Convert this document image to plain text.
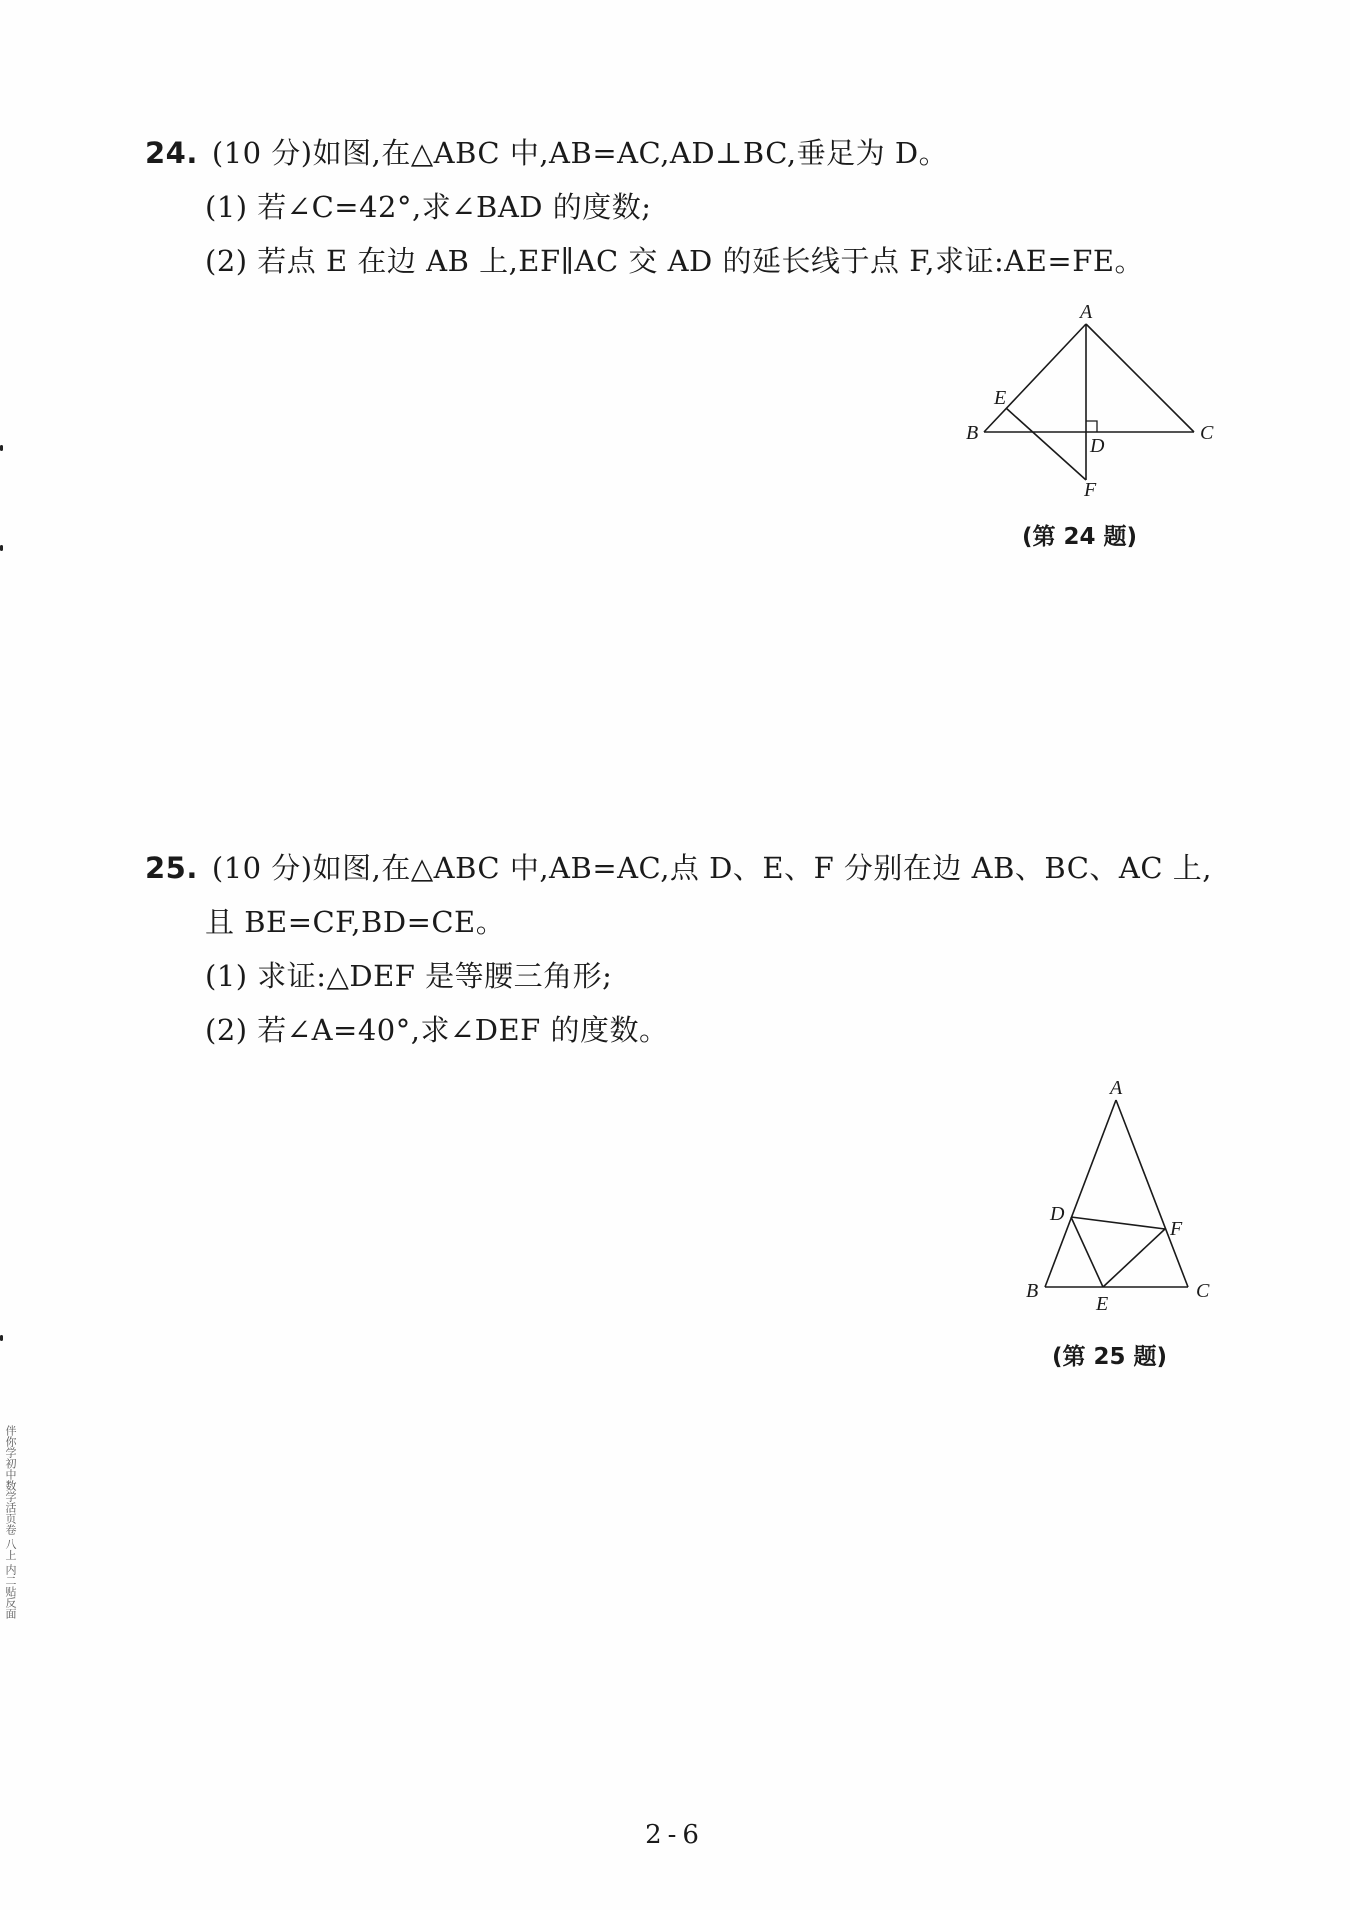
24. (10 分)如图,在△ABC 中,AB=AC,AD⊥BC,垂足为 D。
(1) 若∠C=42°,求∠BAD 的度数;
(2) 若点 E 在边 AB 上,EF∥AC 交 AD 的延长线于点 F,求证:AE=FE。
A
E
B
D
C
F
(第 24 题)
25. (10 分)如图,在△ABC 中,AB=AC,点 D、E、F 分别在边 AB、BC、AC 上,
且 BE=CF,BD=CE。
(1) 求证:△DEF 是等腰三角形;
(2) 若∠A=40°,求∠DEF 的度数。
A
D
F
B
E
C
(第 25 题)
伴你学初中数学活页卷 八上 内二贴反面
2-6
